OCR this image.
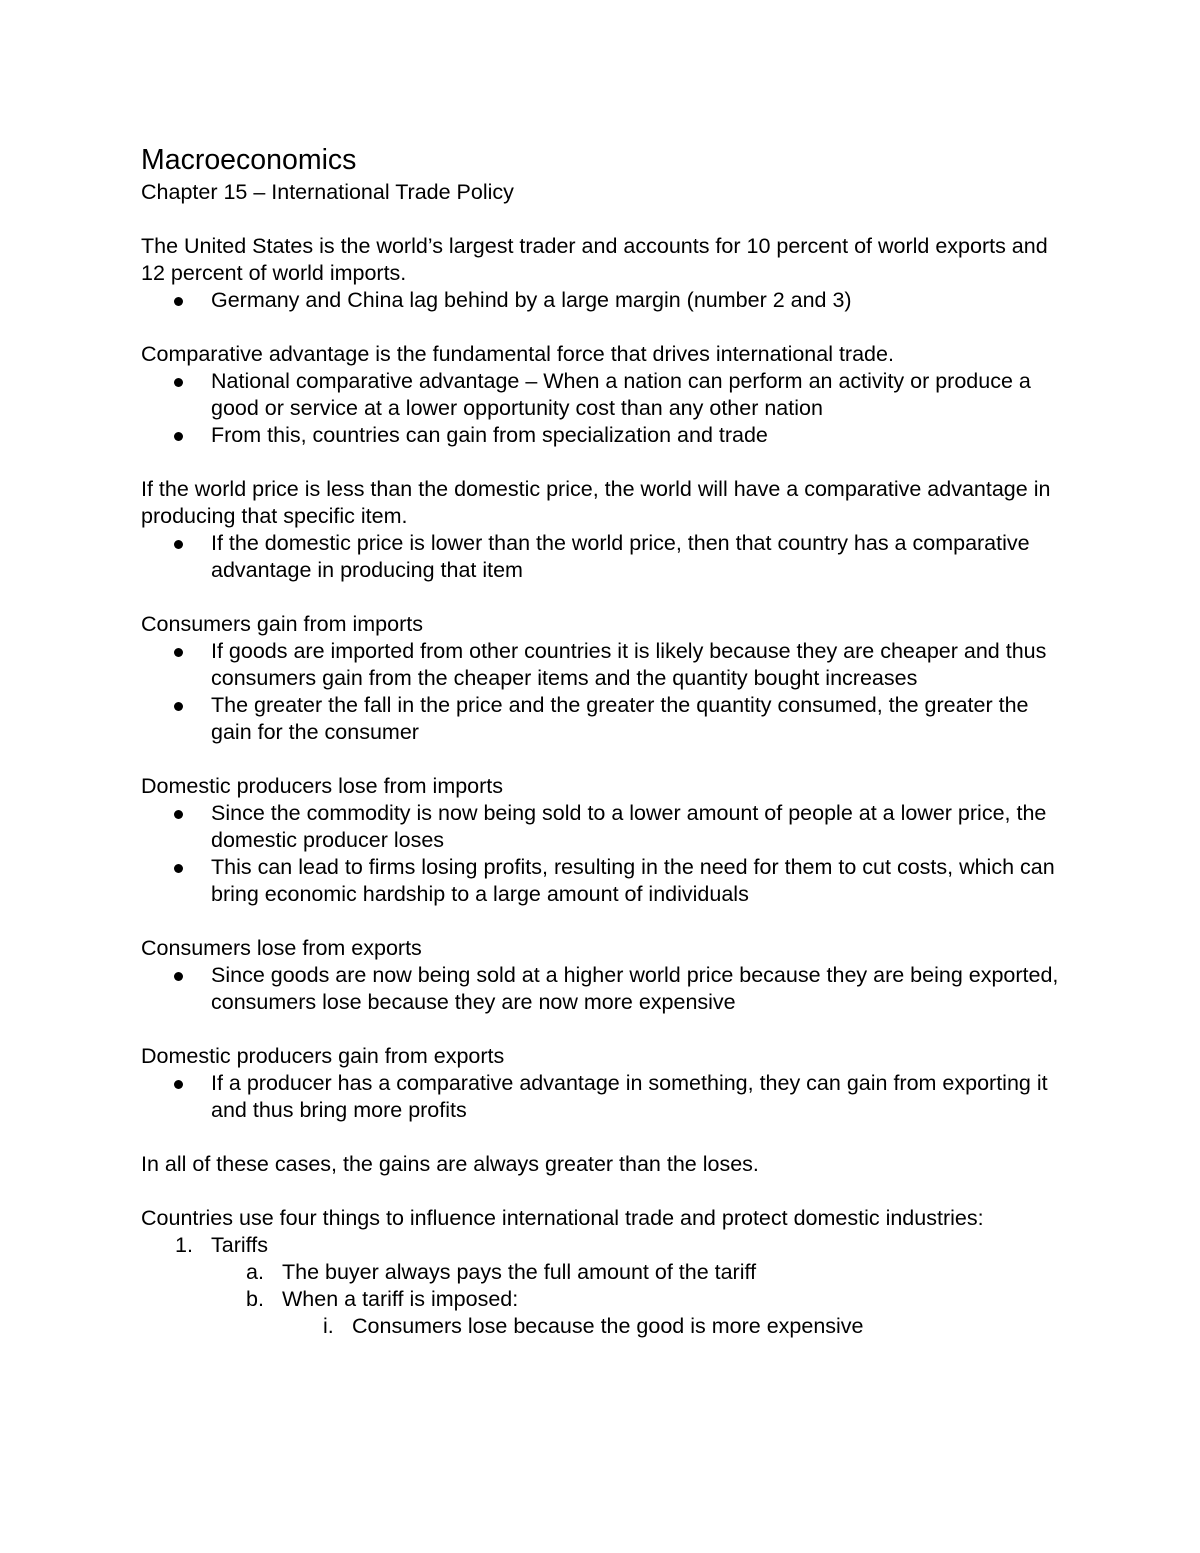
Macroeconomics

Chapter 15 – International Trade Policy

The United States is the world’s largest trader and accounts for 10 percent of world exports and 12 percent of world imports.

Germany and China lag behind by a large margin (number 2 and 3)

Comparative advantage is the fundamental force that drives international trade.

National comparative advantage – When a nation can perform an activity or produce a good or service at a lower opportunity cost than any other nation
From this, countries can gain from specialization and trade

If the world price is less than the domestic price, the world will have a comparative advantage in producing that specific item.

If the domestic price is lower than the world price, then that country has a comparative advantage in producing that item

Consumers gain from imports

If goods are imported from other countries it is likely because they are cheaper and thus consumers gain from the cheaper items and the quantity bought increases
The greater the fall in the price and the greater the quantity consumed, the greater the gain for the consumer

Domestic producers lose from imports

Since the commodity is now being sold to a lower amount of people at a lower price, the domestic producer loses
This can lead to firms losing profits, resulting in the need for them to cut costs, which can bring economic hardship to a large amount of individuals

Consumers lose from exports

Since goods are now being sold at a higher world price because they are being exported, consumers lose because they are now more expensive

Domestic producers gain from exports

If a producer has a comparative advantage in something, they can gain from exporting it and thus bring more profits

In all of these cases, the gains are always greater than the loses.

Countries use four things to influence international trade and protect domestic industries:

1. Tariffs
a. The buyer always pays the full amount of the tariff
b. When a tariff is imposed:
i. Consumers lose because the good is more expensive
